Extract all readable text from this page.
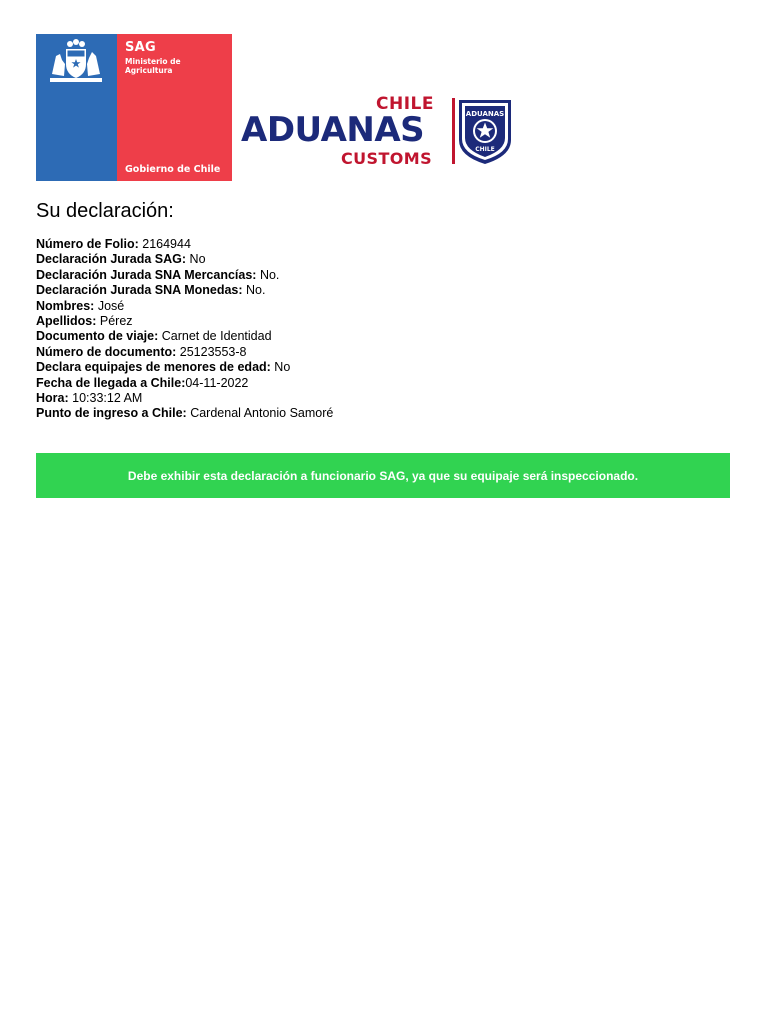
SAG
Ministerio de
Agricultura
Gobierno de Chile
CHILE
ADUANAS
CUSTOMS
ADUANAS
CHILE
Su declaración:
Número de Folio: 2164944
Declaración Jurada SAG: No
Declaración Jurada SNA Mercancías: No.
Declaración Jurada SNA Monedas: No.
Nombres: José
Apellidos: Pérez
Documento de viaje: Carnet de Identidad
Número de documento: 25123553-8
Declara equipajes de menores de edad: No
Fecha de llegada a Chile:04-11-2022
Hora: 10:33:12 AM
Punto de ingreso a Chile: Cardenal Antonio Samoré
Debe exhibir esta declaración a funcionario SAG, ya que su equipaje será inspeccionado.
